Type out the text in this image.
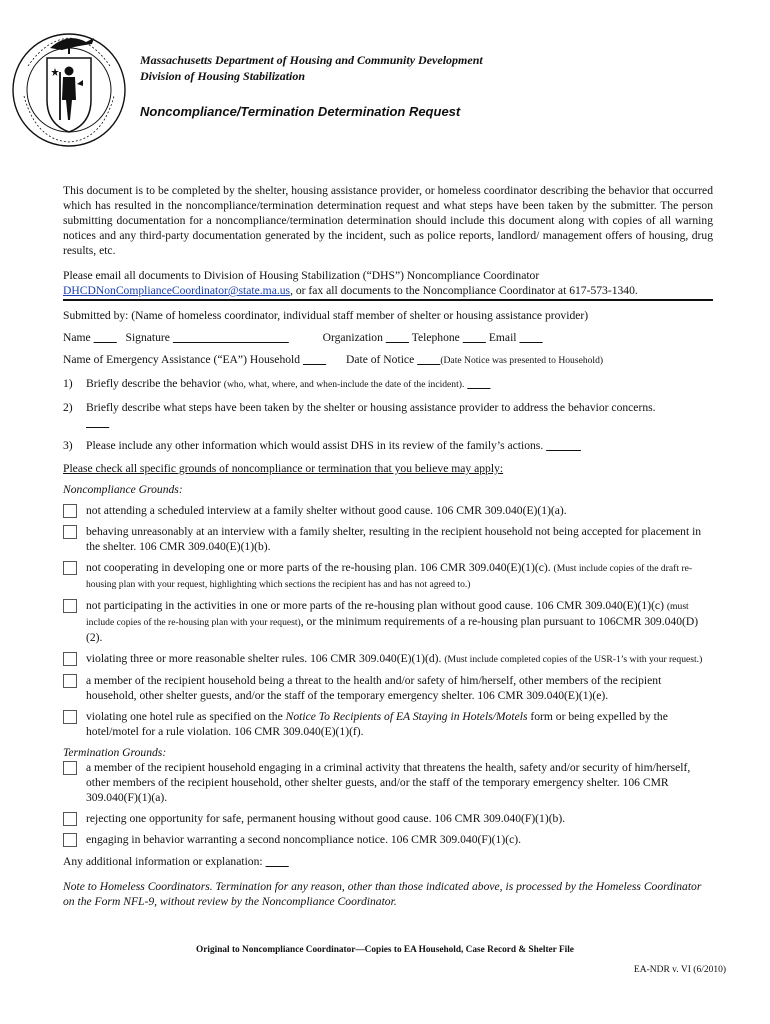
Massachusetts Department of Housing and Community Development
Division of Housing Stabilization
Noncompliance/Termination Determination Request

This document is to be completed by the shelter, housing assistance provider, or homeless coordinator describing the behavior that occurred which has resulted in the noncompliance/termination determination request and what steps have been taken by the submitter. The person submitting documentation for a noncompliance/termination determination should include this document along with copies of all warning notices and any third-party documentation generated by the incident, such as police reports, landlord/ management offers of housing, drug results, etc.

Please email all documents to Division of Housing Stabilization (“DHS”) Noncompliance Coordinator
DHCDNonComplianceCoordinator@state.ma.us, or fax all documents to the Noncompliance Coordinator at 617-573-1340.
Submitted by: (Name of homeless coordinator, individual staff member of shelter or housing assistance provider)
Name   	Signature           	Organization    Telephone   	Email   
Name of Emergency Assistance (“EA”) Household   	Date of Notice   	(Date Notice was presented to Household)
1)	Briefly describe the behavior (who, what, where, and when-include the date of the incident).   
2)	Briefly describe what steps have been taken by the shelter or housing assistance provider to address the behavior concerns.

3)	Please include any other information which would assist DHS in its review of the family’s actions.    
Please check all specific grounds of noncompliance or termination that you believe may apply:
Noncompliance Grounds:
not attending a scheduled interview at a family shelter without good cause. 106 CMR 309.040(E)(1)(a).
behaving unreasonably at an interview with a family shelter, resulting in the recipient household not being accepted for placement in the shelter. 106 CMR 309.040(E)(1)(b).
not cooperating in developing one or more parts of the re-housing plan. 106 CMR 309.040(E)(1)(c). (Must include copies of the draft re-housing plan with your request, highlighting which sections the recipient has and has not agreed to.)
not participating in the activities in one or more parts of the re-housing plan without good cause. 106 CMR 309.040(E)(1)(c) (must include copies of the re-housing plan with your request), or the minimum requirements of a re-housing plan pursuant to 106CMR 309.040(D)(2).
violating three or more reasonable shelter rules. 106 CMR 309.040(E)(1)(d). (Must include completed copies of the USR-1’s with your request.)
a member of the recipient household being a threat to the health and/or safety of him/herself, other members of the recipient household, other shelter guests, and/or the staff of the temporary emergency shelter. 106 CMR 309.040(E)(1)(e).
violating one hotel rule as specified on the Notice To Recipients of EA Staying in Hotels/Motels form or being expelled by the hotel/motel for a rule violation. 106 CMR 309.040(E)(1)(f).
Termination Grounds:
a member of the recipient household engaging in a criminal activity that threatens the health, safety and/or security of him/herself, other members of the recipient household, other shelter guests, and/or the staff of the temporary emergency shelter. 106 CMR 309.040(F)(1)(a).
rejecting one opportunity for safe, permanent housing without good cause. 106 CMR 309.040(F)(1)(b).
engaging in behavior warranting a second noncompliance notice. 106 CMR 309.040(F)(1)(c).
Any additional information or explanation:   
Note to Homeless Coordinators. Termination for any reason, other than those indicated above, is processed by the Homeless Coordinator on the Form NFL-9, without review by the Noncompliance Coordinator.
Original to Noncompliance Coordinator—Copies to EA Household, Case Record & Shelter File
EA-NDR v. VI (6/2010)
